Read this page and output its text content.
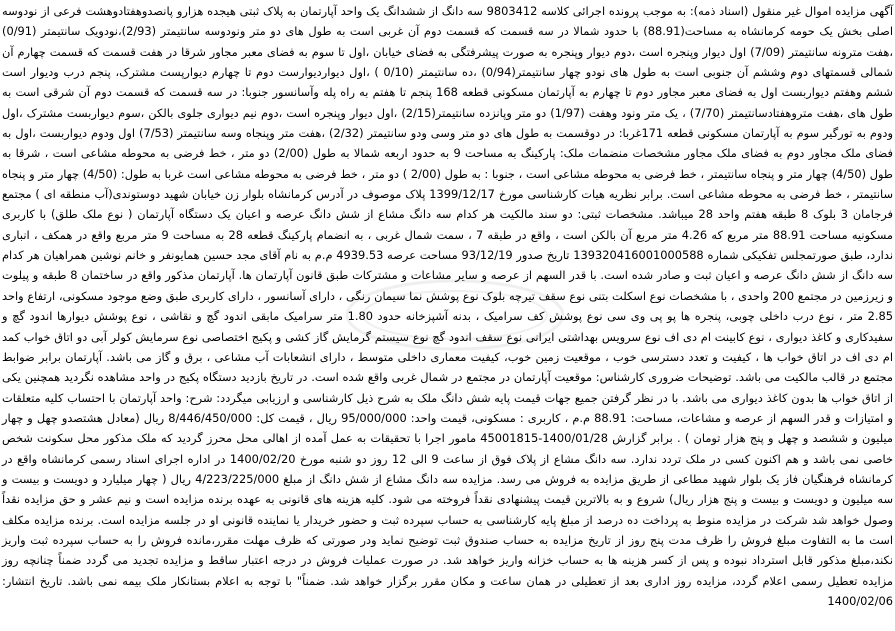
آگهی مزایده اموال غیر منقول (اسناد ذمه): به موجب پرونده اجرائی کلاسه 9803412 سه دانگ از ششدانگ یک واحد آپارتمان به پلاک ثبتی هیجده هزارو پانصدوهفتادوهشت فرعی از نودوسه اصلی بخش یک حومه کرمانشاه به مساحت(88.91) با حدود شمالا در سه قسمت که قسمت دوم آن غربی است به طول های دو متر ونودوسه سانتیمتر (2/93)،نودویک سانتیمتر (0/91) ،هفت مترونه سانتیمتر (7/09) اول دیوار وپنجره است ،دوم دیوار وپنجره به صورت پیشرفتگی به فضای خیابان ،اول تا سوم به فضای معبر مجاور شرقا در هفت قسمت که قسمت چهارم آن شمالی قسمتهای دوم وششم آن جنوبی است به طول های نودو چهار سانتیمتر(0/94) ،ده سانتیمتر (0/10 ) ،اول دیواردیوارست دوم تا چهارم دیوارپست مشترک، پنجم درب ودیوار است ششم وهفتم دیواربست اول به فضای معبر مجاور دوم تا چهارم به آپارتمان مسکونی قطعه 168 پنجم تا هفتم به راه پله وآسانسور جنوبا: در سه قسمت که قسمت دوم آن شرقی است به طول های ،هفت متروهفتادسانتیمتر (7/70) ، یک متر ونود وهفت (1/97) دو متر وپانزده سانتیمتر(2/15) ،اول دیوار وپنجره است ،دوم نیم دیواری جلوی بالکن ،سوم دیواربست مشترک ،اول ودوم به تورگیر سوم به آپارتمان مسکونی قطعه 171غربا: در دوقسمت به طول های دو متر وسی ودو سانتیمتر (2/32) ،هفت متر وپنجاه وسه سانتیمتر (7/53) اول ودوم دیواربست ،اول به فضای ملک مجاور دوم به فضای ملک مجاور مشخصات منضمات ملک: پارکینگ به مساحت 9 به حدود اربعه شمالا به طول (2/00) دو متر ، خط فرضی به محوطه مشاعی است ، شرقا به طول (4/50) چهار متر و پنجاه سانتیمتر ، خط فرضی به محوطه مشاعی است ، جنوبا : به طول (2/00 ) دو متر ، خط فرضی به محوطه مشاعی است غربا به طول: (4/50) چهار متر و پنجاه سانتیمتر ، خط فرضی به محوطه مشاعی است. برابر نظریه هیات کارشناسی مورخ 1399/12/17 پلاک موصوف در آدرس کرمانشاه بلوار زن خیابان شهید دوستوندی(آب منطقه ای ) مجتمع فرجامان 3 بلوک 8 طبقه هفتم واحد 28 میباشد. مشخصات ثبتی: دو سند مالکیت هر کدام سه دانگ مشاع از شش دانگ عرصه و اعیان یک دستگاه آپارتمان ( نوع ملک طلق) با کاربری مسکونیه مساحت 88.91 متر مربع که 4.26 متر مربع آن بالکن است ، واقع در طبقه 7 ، سمت شمال غربی ، به انضمام پارکینگ قطعه 28 به مساحت 9 متر مربع واقع در همکف ، انباری ندارد، طبق صورتمجلس تفکیکی شماره 139320416001000588 تاریخ صدور 93/12/19 مساحت عرصه 4939.53 م.م به نام آقای مجد حسین همایونفر و خانم نوشین همراهیان هر کدام سه دانگ از شش دانگ عرصه و اعیان ثبت و صادر شده است. با قدر السهم از عرصه و سایر مشاعات و مشترکات طبق قانون آپارتمان ها. آپارتمان مذکور واقع در ساختمان 8 طبقه و پیلوت و زیرزمین در مجتمع 200 واحدی ، با مشخصات نوع اسکلت بتنی نوع سقف تیرچه بلوک نوع پوشش نما سیمان رنگی ، دارای آسانسور ، دارای کاربری طبق وضع موجود مسکونی، ارتفاع واحد 2.85 متر ، نوع درب داخلی چوبی، پنجره ها پو پی وی سی نوع پوشش کف سرامیک ، بدنه آشپزخانه حدود 1.80 متر سرامیک مابقی اندود گچ و نقاشی ، نوع پوشش دیوارها اندود گچ و سفیدکاری و کاغذ دیواری ، نوع کابینت ام دی اف نوع سرویس بهداشتی ایرانی نوع سقف اندود گچ نوع سیستم گرمایش گاز کشی و پکیج اختصاصی نوع سرمایش کولر آبی دو اتاق خواب کمد ام دی اف در اتاق خواب ها ، کیفیت و تعدد دسترسی خوب ، موقعیت زمین خوب، کیفیت معماری داخلی متوسط ، دارای انشعابات آب مشاعی ، برق و گاز می باشد. آپارتمان برابر ضوابط مجتمع در قالب مالکیت می باشد. توضیحات ضروری کارشناس: موقعیت آپارتمان در مجتمع در شمال غربی واقع شده است. در تاریخ بازدید دستگاه پکیج در واحد مشاهده نگردید همچنین یکی از اتاق خواب ها بدون کاغذ دیواری می باشد. با در نظر گرفتن جمیع جهات قیمت پایه شش دانگ ملک به شرح ذیل کارشناسی و ارزیابی میگردد: شرح: واحد آپارتمان با احتساب کلیه متعلقات و امتیازات و قدر السهم از عرصه و مشاعات، مساحت: 88.91 م.م ، کاربری : مسکونی، قیمت واحد: 95/000/000 ریال ، قیمت کل: 8/446/450/000 ریال (معادل هشتصدو چهل و چهار میلیون و ششصد و چهل و پنج هزار تومان ) . برابر گزارش 1400/01/28-45001815 مامور اجرا با تحقیقات به عمل آمده از اهالی محل محرز گردید که ملک مذکور محل سکونت شخص خاصی نمی باشد و هم اکنون کسی در ملک تردد ندارد. سه دانگ مشاع از پلاک فوق از ساعت 9 الی 12 روز دو شنبه مورخ 1400/02/20 در اداره اجرای اسناد رسمی کرمانشاه واقع در کرمانشاه فرهنگیان فاز یک بلوار شهید مطاعی از طریق مزایده به فروش می رسد. مزایده سه دانگ مشاع از شش دانگ از مبلغ 4/223/225/000 ریال ( چهار میلیارد و دویست و بیست و سه میلیون و دویست و بیست و پنج هزار ریال) شروع و به بالاترین قیمت پیشنهادی نقداً فروخته می شود. کلیه هزینه های قانونی به عهده برنده مزایده است و نیم عشر و حق مزایده نقداً وصول خواهد شد شرکت در مزایده منوط به پرداخت ده درصد از مبلغ پایه کارشناسی به حساب سپرده ثبت و حضور خریدار یا نماینده قانونی او در جلسه مزایده است. برنده مزایده مکلف است ما به التفاوت مبلغ فروش را ظرف مدت پنج روز از تاریخ مزایده به حساب صندوق ثبت توضیح نماید ودر صورتی که ظرف مهلت مقرر،مانده فروش را به حساب سپرده ثبت واریز نکند،مبلغ مذکور قابل استرداد نبوده و پس از کسر هزینه ها به حساب خزانه واریز خواهد شد. در صورت عملیات فروش در درجه اعتبار ساقط و مزایده تجدید می گردد ضمناً چنانچه روز مزایده تعطیل رسمی اعلام گردد، مزایده روز اداری بعد از تعطیلی در همان ساعت و مکان مقرر برگزار خواهد شد. ضمناً" با توجه به اعلام بستانکار ملک بیمه نمی باشد. تاریخ انتشار: 1400/02/06
